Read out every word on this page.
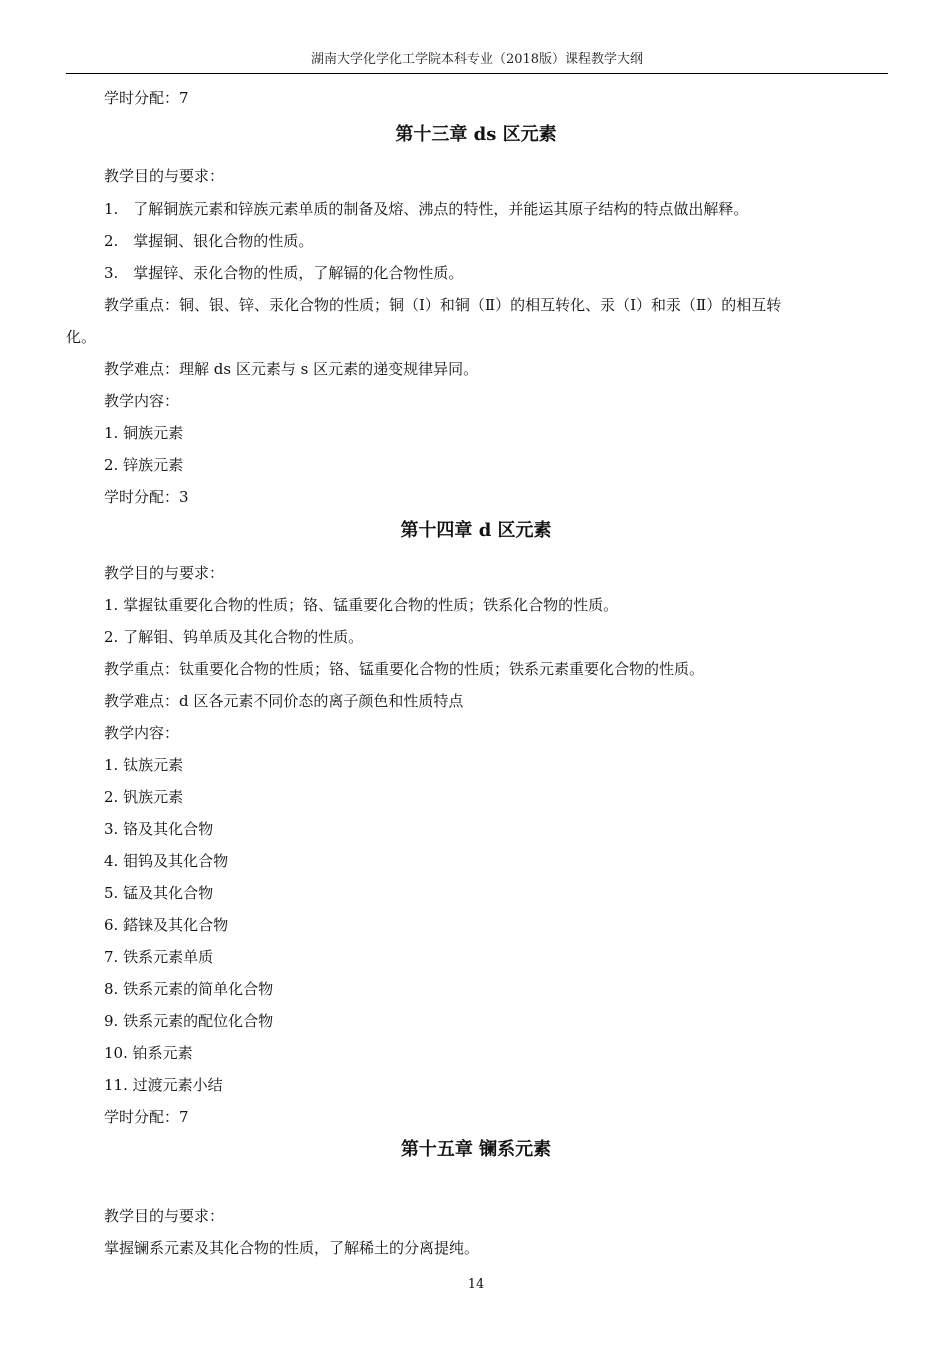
湖南大学化学化工学院本科专业（2018版）课程教学大纲
学时分配：7
第十三章 ds 区元素
教学目的与要求：
1.　了解铜族元素和锌族元素单质的制备及熔、沸点的特性，并能运其原子结构的特点做出解释。
2.　掌握铜、银化合物的性质。
3.　掌握锌、汞化合物的性质，了解镉的化合物性质。
教学重点：铜、银、锌、汞化合物的性质；铜（Ⅰ）和铜（Ⅱ）的相互转化、汞（Ⅰ）和汞（Ⅱ）的相互转
化。
教学难点：理解 ds 区元素与 s 区元素的递变规律异同。
教学内容：
1. 铜族元素
2. 锌族元素
学时分配：3
第十四章 d 区元素
教学目的与要求：
1. 掌握钛重要化合物的性质；铬、锰重要化合物的性质；铁系化合物的性质。
2. 了解钼、钨单质及其化合物的性质。
教学重点：钛重要化合物的性质；铬、锰重要化合物的性质；铁系元素重要化合物的性质。
教学难点：d 区各元素不同价态的离子颜色和性质特点
教学内容：
1. 钛族元素
2. 钒族元素
3. 铬及其化合物
4. 钼钨及其化合物
5. 锰及其化合物
6. 鎝铼及其化合物
7. 铁系元素单质
8. 铁系元素的简单化合物
9. 铁系元素的配位化合物
10. 铂系元素
11. 过渡元素小结
学时分配：7
第十五章 镧系元素
教学目的与要求：
掌握镧系元素及其化合物的性质，了解稀土的分离提纯。
14
